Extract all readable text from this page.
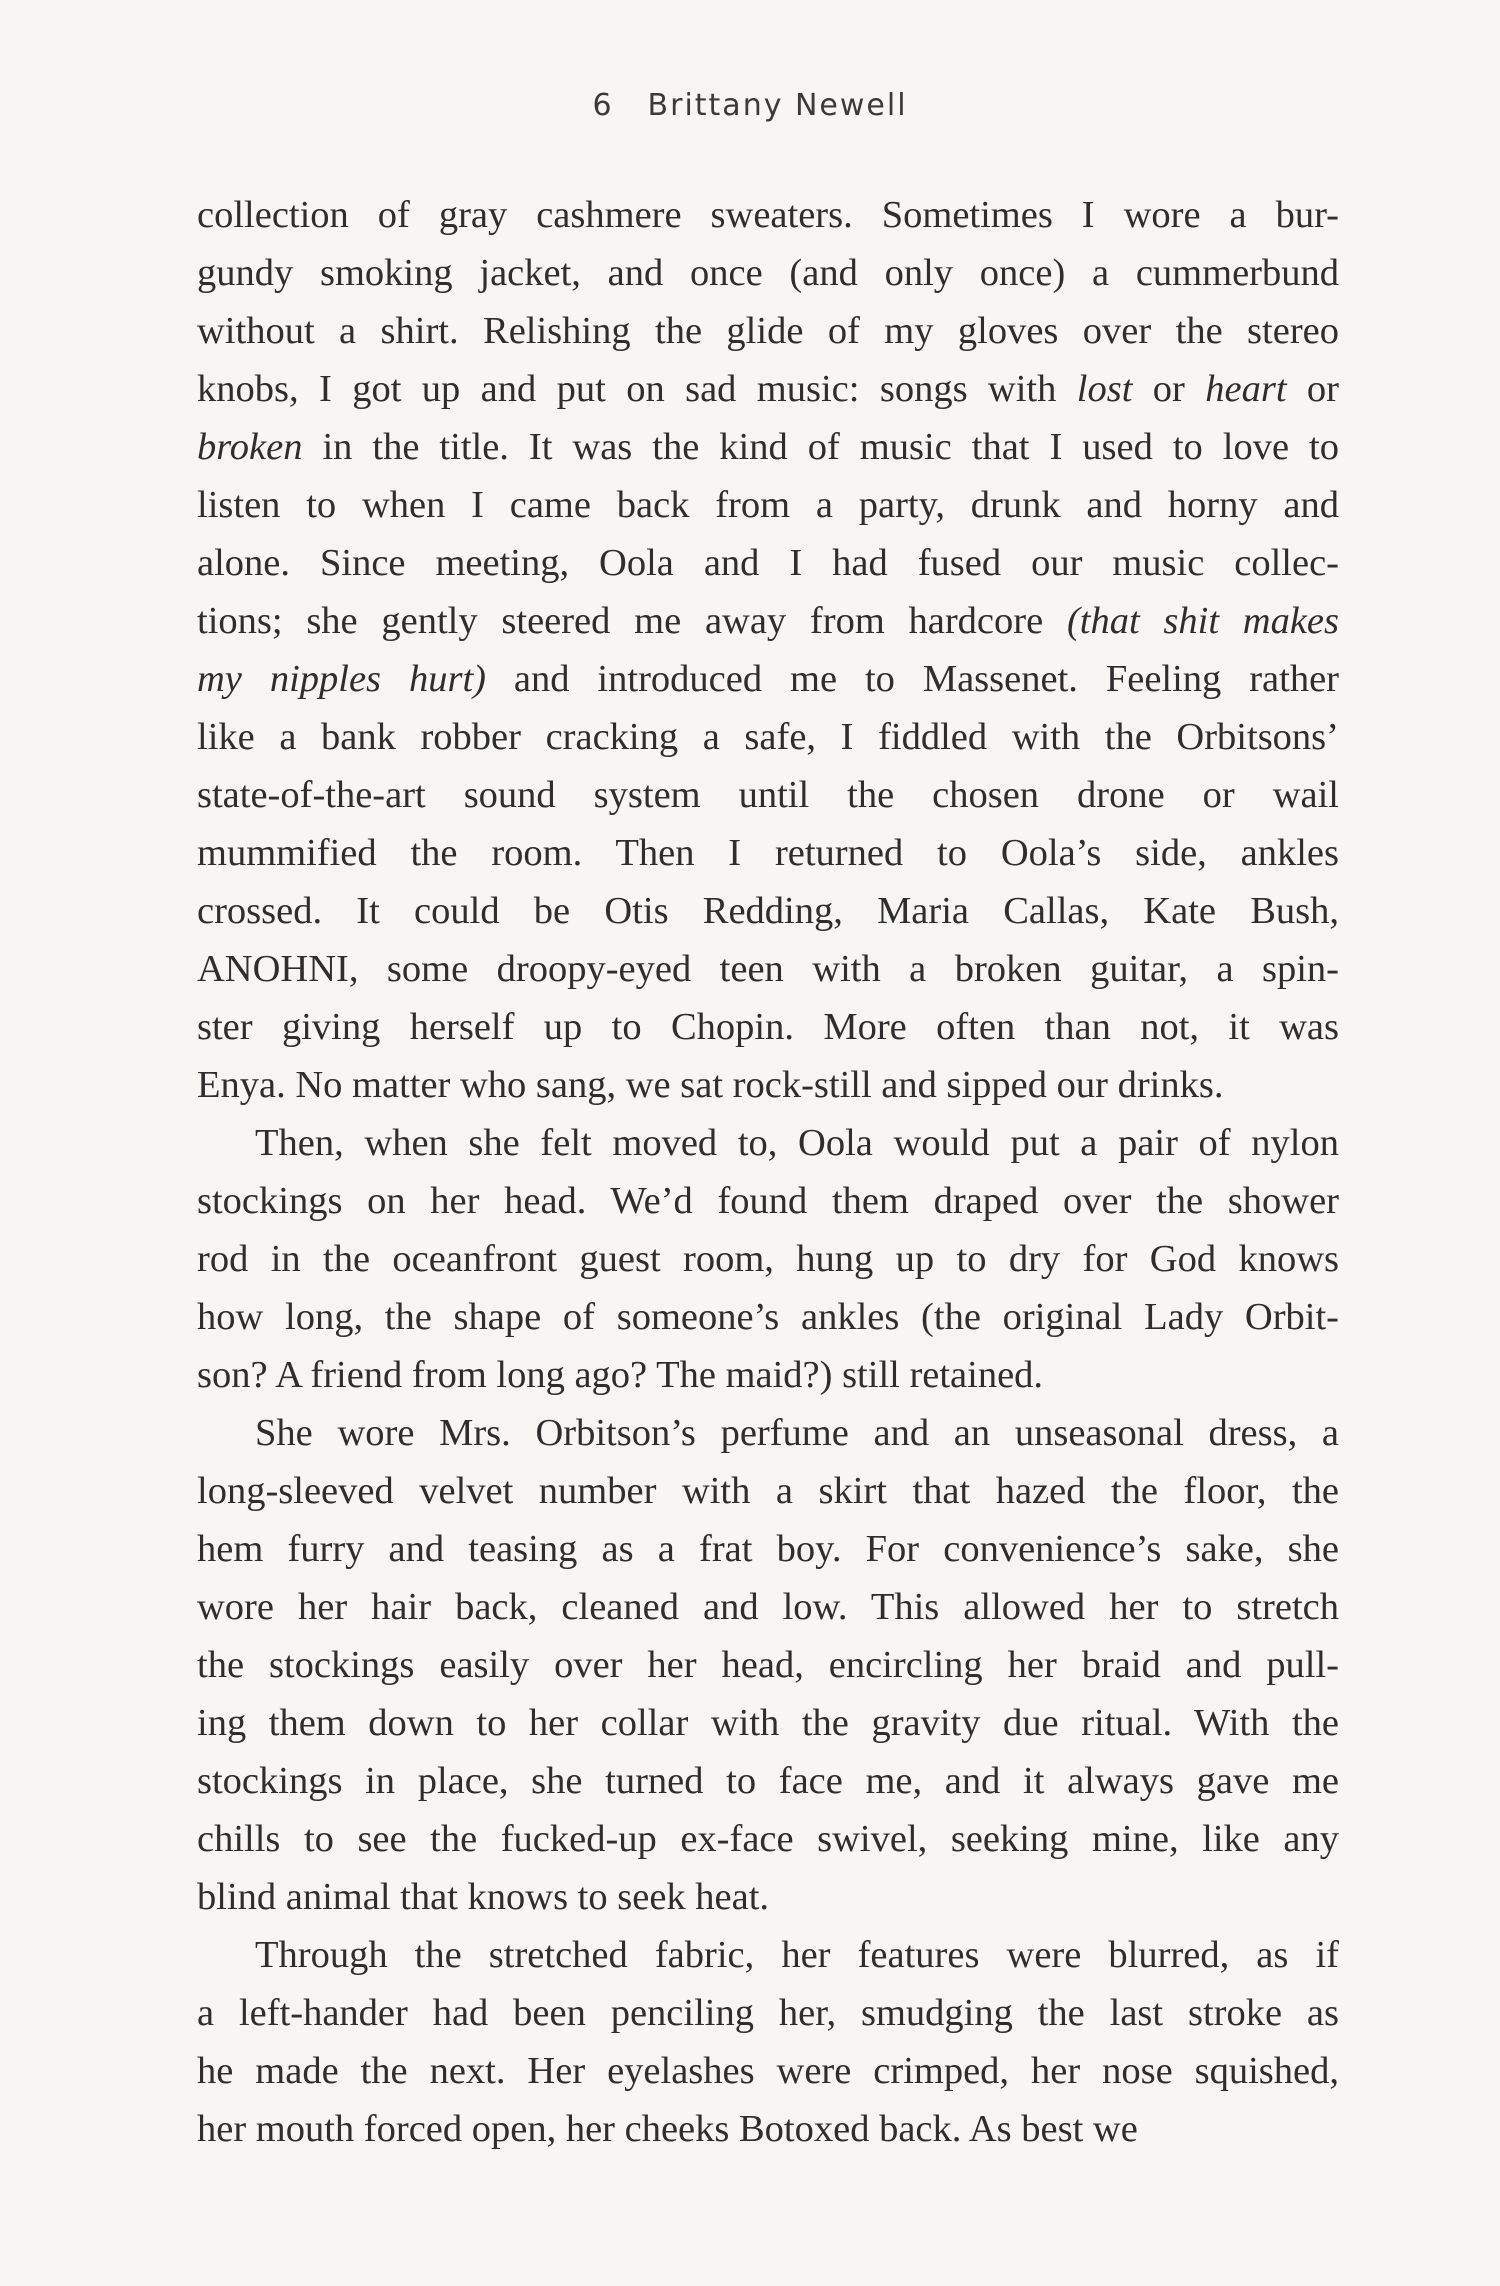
6 Brittany Newell
collection of gray cashmere sweaters. Sometimes I wore a bur-
gundy smoking jacket, and once (and only once) a cummerbund
without a shirt. Relishing the glide of my gloves over the stereo
knobs, I got up and put on sad music: songs with lost or heart or
broken in the title. It was the kind of music that I used to love to
listen to when I came back from a party, drunk and horny and
alone. Since meeting, Oola and I had fused our music collec-
tions; she gently steered me away from hardcore (that shit makes
my nipples hurt) and introduced me to Massenet. Feeling rather
like a bank robber cracking a safe, I fiddled with the Orbitsons’
state-of-the-art sound system until the chosen drone or wail
mummified the room. Then I returned to Oola’s side, ankles
crossed. It could be Otis Redding, Maria Callas, Kate Bush,
ANOHNI, some droopy-eyed teen with a broken guitar, a spin-
ster giving herself up to Chopin. More often than not, it was
Enya. No matter who sang, we sat rock-still and sipped our drinks.
Then, when she felt moved to, Oola would put a pair of nylon
stockings on her head. We’d found them draped over the shower
rod in the oceanfront guest room, hung up to dry for God knows
how long, the shape of someone’s ankles (the original Lady Orbit-
son? A friend from long ago? The maid?) still retained.
She wore Mrs. Orbitson’s perfume and an unseasonal dress, a
long-sleeved velvet number with a skirt that hazed the floor, the
hem furry and teasing as a frat boy. For convenience’s sake, she
wore her hair back, cleaned and low. This allowed her to stretch
the stockings easily over her head, encircling her braid and pull-
ing them down to her collar with the gravity due ritual. With the
stockings in place, she turned to face me, and it always gave me
chills to see the fucked-up ex-face swivel, seeking mine, like any
blind animal that knows to seek heat.
Through the stretched fabric, her features were blurred, as if
a left-hander had been penciling her, smudging the last stroke as
he made the next. Her eyelashes were crimped, her nose squished,
her mouth forced open, her cheeks Botoxed back. As best we
